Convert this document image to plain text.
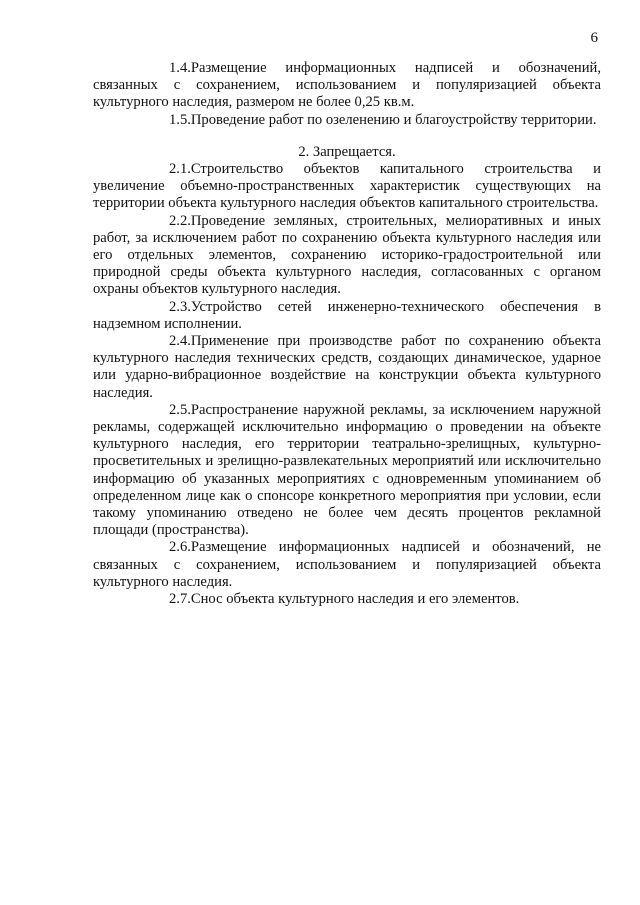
6

1.4.Размещение информационных надписей и обозначений, связанных с сохранением, использованием и популяризацией объекта культурного наследия, размером не более 0,25 кв.м.

1.5.Проведение работ по озеленению и благоустройству территории.

2. Запрещается.

2.1.Строительство объектов капитального строительства и увеличение объемно-пространственных характеристик существующих на территории объекта культурного наследия объектов капитального строительства.

2.2.Проведение земляных, строительных, мелиоративных и иных работ, за исключением работ по сохранению объекта культурного наследия или его отдельных элементов, сохранению историко-градостроительной или природной среды объекта культурного наследия, согласованных с органом охраны объектов культурного наследия.

2.3.Устройство сетей инженерно-технического обеспечения в надземном исполнении.

2.4.Применение при производстве работ по сохранению объекта культурного наследия технических средств, создающих динамическое, ударное или ударно-вибрационное воздействие на конструкции объекта культурного наследия.

2.5.Распространение наружной рекламы, за исключением наружной рекламы, содержащей исключительно информацию о проведении на объекте культурного наследия, его территории театрально-зрелищных, культурно-просветительных и зрелищно-развлекательных мероприятий или исключительно информацию об указанных мероприятиях с одновременным упоминанием об определенном лице как о спонсоре конкретного мероприятия при условии, если такому упоминанию отведено не более чем десять процентов рекламной площади (пространства).

2.6.Размещение информационных надписей и обозначений, не связанных с сохранением, использованием и популяризацией объекта культурного наследия.

2.7.Снос объекта культурного наследия и его элементов.
